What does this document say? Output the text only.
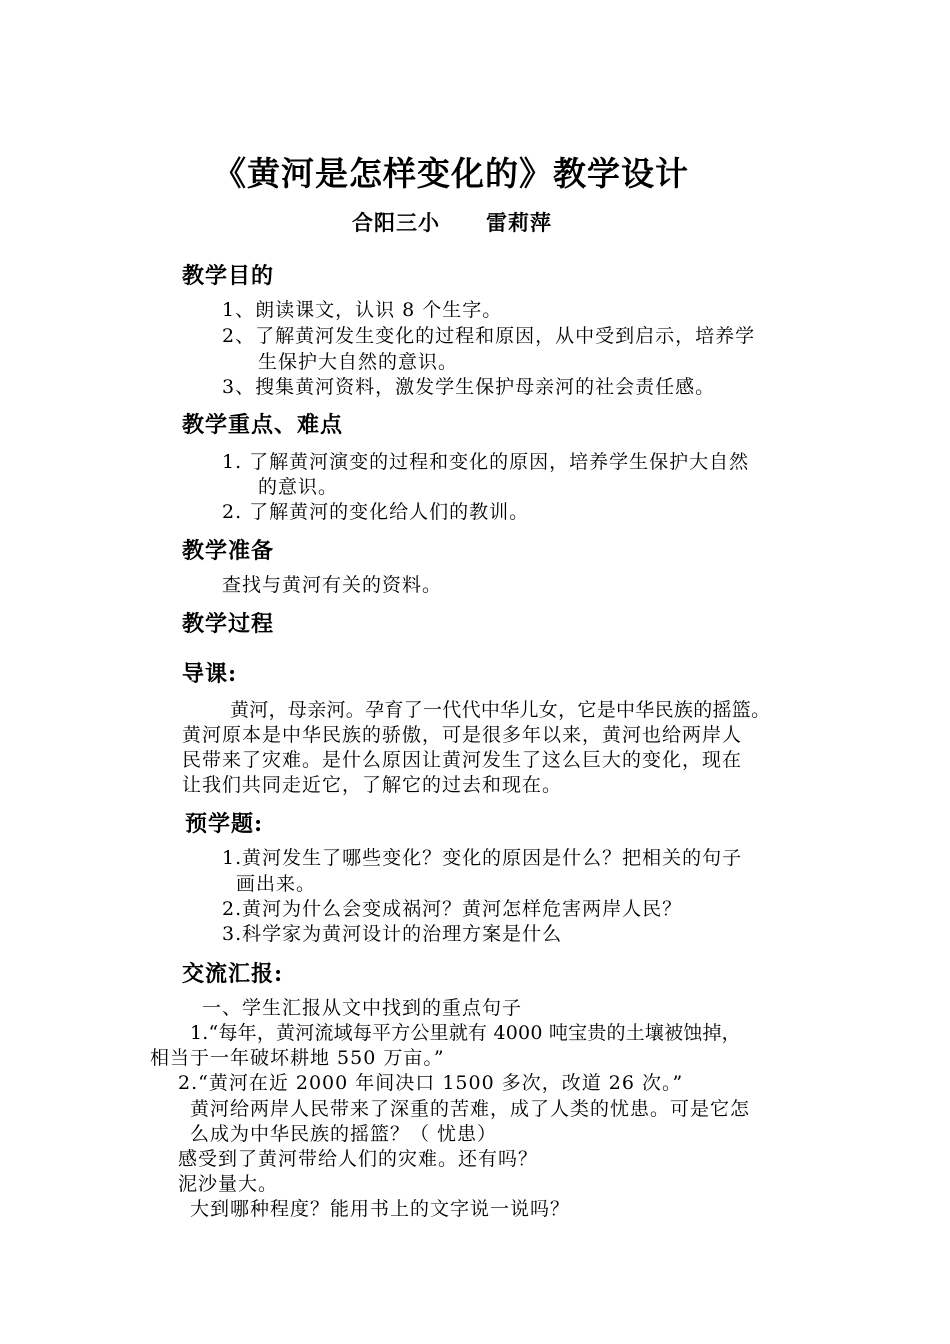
《黄河是怎样变化的》教学设计
合阳三小 雷莉萍
教学目的
1、朗读课文，认识 8 个生字。
2、了解黄河发生变化的过程和原因，从中受到启示，培养学
生保护大自然的意识。
3、搜集黄河资料，激发学生保护母亲河的社会责任感。
教学重点、难点
1. 了解黄河演变的过程和变化的原因，培养学生保护大自然
的意识。
2. 了解黄河的变化给人们的教训。
教学准备
查找与黄河有关的资料。
教学过程
导课:
黄河，母亲河。孕育了一代代中华儿女，它是中华民族的摇篮。
黄河原本是中华民族的骄傲，可是很多年以来，黄河也给两岸人
民带来了灾难。是什么原因让黄河发生了这么巨大的变化，现在
让我们共同走近它，了解它的过去和现在。
预学题:
1.黄河发生了哪些变化？变化的原因是什么？把相关的句子
画出来。
2.黄河为什么会变成祸河？黄河怎样危害两岸人民？
3.科学家为黄河设计的治理方案是什么
交流汇报:
一、学生汇报从文中找到的重点句子
1.“每年，黄河流域每平方公里就有 4000 吨宝贵的土壤被蚀掉，
相当于一年破坏耕地 550 万亩。”
2.“黄河在近 2000 年间决口 1500 多次，改道 26 次。”
黄河给两岸人民带来了深重的苦难，成了人类的忧患。可是它怎
么成为中华民族的摇篮？（ 忧患）
感受到了黄河带给人们的灾难。还有吗？
泥沙量大。
大到哪种程度？能用书上的文字说一说吗？
